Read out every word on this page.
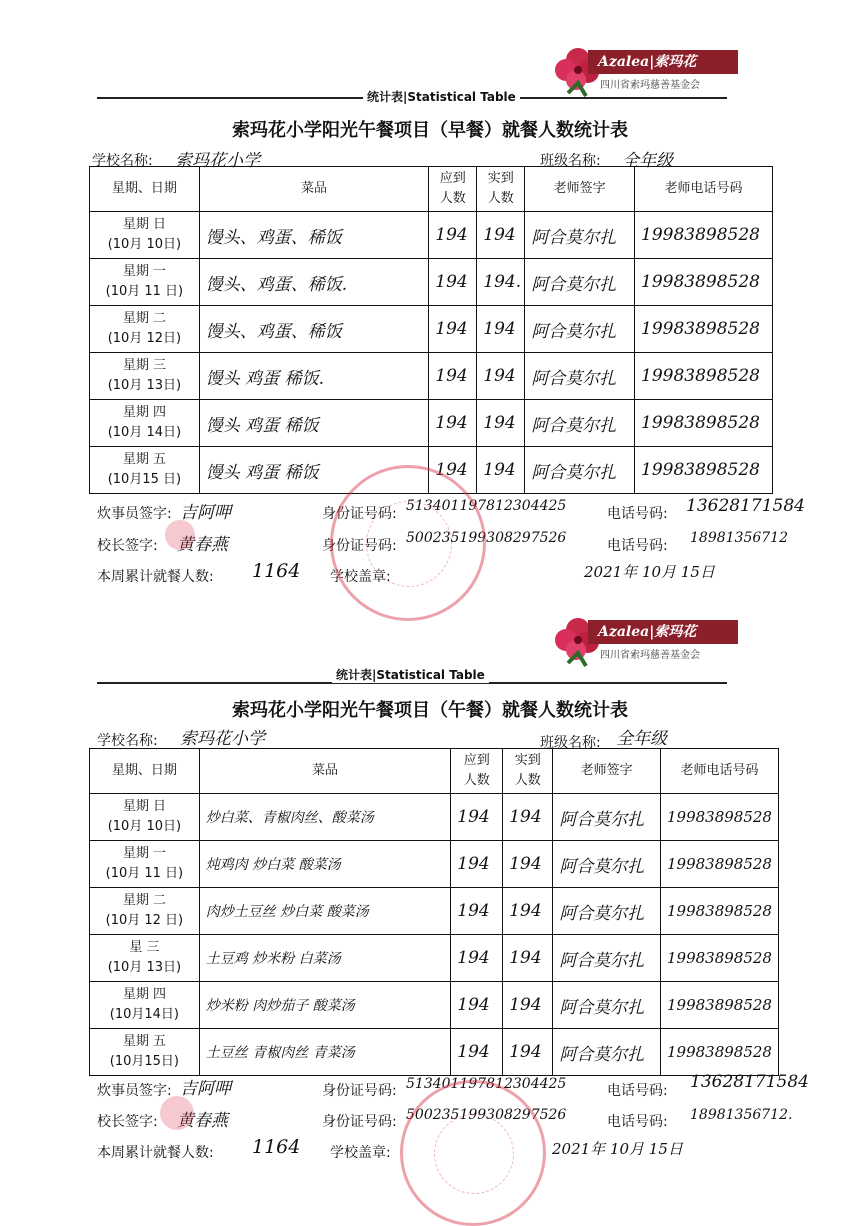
Azalea|索玛花
四川省索玛慈善基金会
统计表|Statistical Table
索玛花小学阳光午餐项目（早餐）就餐人数统计表
学校名称: 索玛花小学	班级名称: 全年级
星期、日期	菜品	应到
人数	实到
人数	老师签字	老师电话号码
星期 日
(10月 10日)	馒头、鸡蛋、稀饭	194	194	阿合莫尔扎	19983898528
星期 一
(10月 11 日)	馒头、鸡蛋、稀饭.	194	194.	阿合莫尔扎	19983898528
星期 二
(10月 12日)	馒头、鸡蛋、稀饭	194	194	阿合莫尔扎	19983898528
星期 三
(10月 13日)	馒头 鸡蛋 稀饭.	194	194	阿合莫尔扎	19983898528
星期 四
(10月 14日)	馒头 鸡蛋 稀饭	194	194	阿合莫尔扎	19983898528
星期 五
(10月15 日)	馒头 鸡蛋 稀饭	194	194	阿合莫尔扎	19983898528
炊事员签字: 吉阿呷	身份证号码: 513401197812304425	电话号码: 13628171584
校长签字: 黄春燕	身份证号码: 500235199308297526	电话号码: 18981356712
本周累计就餐人数: 1164 学校盖章:	2021年 10月 15日
Azalea|索玛花
四川省索玛慈善基金会
统计表|Statistical Table
索玛花小学阳光午餐项目（午餐）就餐人数统计表
学校名称: 索玛花小学	班级名称: 全年级
星期、日期	菜品	应到
人数	实到
人数	老师签字	老师电话号码
星期 日
(10月 10日)	炒白菜、青椒肉丝、酸菜汤	194	194	阿合莫尔扎	19983898528
星期 一
(10月 11 日)	炖鸡肉 炒白菜 酸菜汤	194	194	阿合莫尔扎	19983898528
星期 二
(10月 12 日)	肉炒土豆丝 炒白菜 酸菜汤	194	194	阿合莫尔扎	19983898528
星 三
(10月 13日)	土豆鸡 炒米粉 白菜汤	194	194	阿合莫尔扎	19983898528
星期 四
(10月14日)	炒米粉 肉炒茄子 酸菜汤	194	194	阿合莫尔扎	19983898528
星期 五
(10月15日)	土豆丝 青椒肉丝 青菜汤	194	194	阿合莫尔扎	19983898528
炊事员签字: 吉阿呷	身份证号码: 513401197812304425	电话号码: 13628171584
校长签字: 黄春燕	身份证号码: 500235199308297526	电话号码: 18981356712.
本周累计就餐人数: 1164 学校盖章:	2021年 10月 15日
